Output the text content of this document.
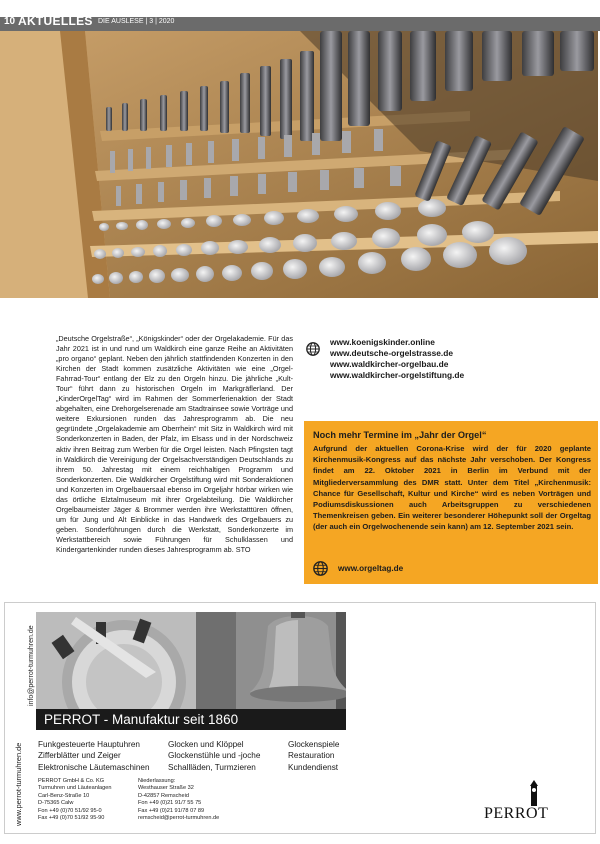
10 AKTUELLES DIE AUSLESE | 3 | 2020

„Deutsche Orgelstraße“, „Königskinder“ oder der Orgelakademie. Für das Jahr 2021 ist in und rund um Waldkirch eine ganze Reihe an Aktivitäten „pro organo“ geplant. Neben den jährlich stattfindenden Konzerten in den Kirchen der Stadt kommen zusätzliche Aktivitäten wie eine „Orgel-Fahrrad-Tour“ entlang der Elz zu den Orgeln hinzu. Die jährliche „Kult-Tour“ führt dann zu historischen Orgeln im Markgräflerland. Der „KinderOrgelTag“ wird im Rahmen der Sommerferienaktion der Stadt abgehalten, eine Drehorgelserenade am Stadtrainsee sowie Vorträge und weitere Exkursionen runden das Jahresprogramm ab. Die neu gegründete „Orgelakademie am Oberrhein“ mit Sitz in Waldkirch wird mit Sonderkonzerten in Baden, der Pfalz, im Elsass und in der Nordschweiz aktiv ihren Beitrag zum Werben für die Orgel leisten. Nach Pfingsten tagt in Waldkirch die Vereinigung der Orgelsachverständigen Deutschlands zu ihrem 50. Jahrestag mit einem reichhaltigen Programm und Sonderkonzerten. Die Waldkircher Orgelstiftung wird mit Sonderaktionen und Konzerten im Orgelbauersaal ebenso im Orgeljahr hörbar wirken wie das örtliche Elztalmuseum mit ihrer Orgelabteilung. Die Waldkircher Orgelbaumeister Jäger & Brommer werden ihre Werkstatttüren öffnen, um für Jung und Alt Einblicke in das Handwerk des Orgelbauers zu geben. Sonderführungen durch die Werkstatt, Sonderkonzerte im Werkstattbereich sowie Führungen für Schulklassen und Kindergartenkinder runden dieses Jahresprogramm ab. STO

www.koenigskinder.online
www.deutsche-orgelstrasse.de
www.waldkircher-orgelbau.de
www.waldkircher-orgelstiftung.de
Noch mehr Termine im „Jahr der Orgel“
Aufgrund der aktuellen Corona-Krise wird der für 2020 geplante Kirchenmusik-Kongress auf das nächste Jahr verschoben. Der Kongress findet am 22. Oktober 2021 in Berlin im Verbund mit der Mitgliederversammlung des DMR statt. Unter dem Titel „Kirchenmusik: Chance für Gesellschaft, Kultur und Kirche“ wird es neben Vorträgen und Podiumsdiskussionen auch Arbeitsgruppen zu verschiedenen Themenkreisen geben. Ein weiterer besonderer Höhepunkt soll der Orgeltag (der auch ein Orgelwochenende sein kann) am 12. September 2021 sein.
www.orgeltag.de
info@perrot-turmuhren.de
www.perrot-turmuhren.de
PERROT - Manufaktur seit 1860
Funkgesteuerte Hauptuhren
Zifferblätter und Zeiger
Elektronische Läutemaschinen
Glocken und Klöppel
Glockenstühle und -joche
Schallläden, Turmzieren
Glockenspiele
Restauration
Kundendienst
PERROT GmbH & Co. KG
Turmuhren und Läuteanlagen
Carl-Benz-Straße 10
D-75365 Calw
Fon +49 (0)70 51/92 95-0
Fax +49 (0)70 51/92 95-90
Niederlassung:
Westhauser Straße 32
D-42857 Remscheid
Fon +49 (0)21 91/7 55 75
Fax +49 (0)21 91/78 07 89
remscheid@perrot-turmuhren.de	PERROT
